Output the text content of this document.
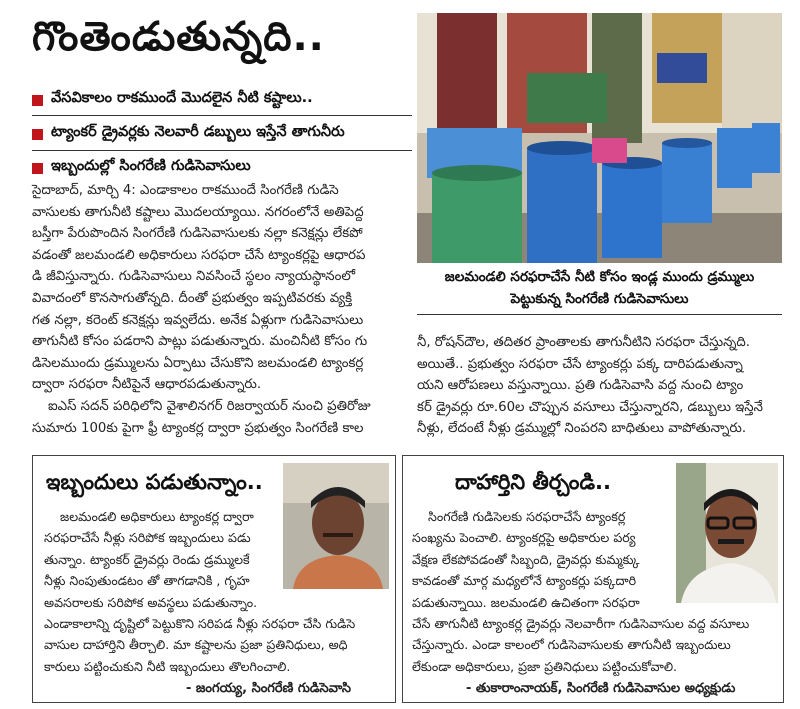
గొంతెండుతున్నది..
వేసవికాలం రాకముందే మొదలైన నీటి కష్టాలు..
ట్యాంకర్ డ్రైవర్లకు నెలవారీ డబ్బులు ఇస్తేనే తాగునీరు
ఇబ్బందుల్లో సింగరేణి గుడిసెవాసులు
జలమండలి సరఫరాచేసే నీటి కోసం ఇండ్ల ముందు డ్రమ్ములు
పెట్టుకున్న సింగరేణి గుడిసెవాసులు
సైదాబాద్, మార్చి 4: ఎండాకాలం రాకముందే సింగరేణి గుడిసె
వాసులకు తాగునీటి కష్టాలు మొదలయ్యాయి. నగరంలోనే అతిపెద్ద
బస్తీగా పేరుపొందిన సింగరేణి గుడిసెవాసులకు నల్లా కనెక్షన్లు లేకపో
వడంతో జలమండలి అధికారులు సరఫరా చేసే ట్యాంకర్లపై ఆధారప
డి జీవిస్తున్నారు. గుడిసెవాసులు నివసించే స్థలం న్యాయస్థానంలో
వివాదంలో కొనసాగుతోన్నది. దీంతో ప్రభుత్వం ఇప్పటివరకు వ్యక్తి
గత నల్లా, కరెంట్ కనెక్షన్లు ఇవ్వలేదు. అనేక ఏళ్లుగా గుడిసెవాసులు
తాగునీటి కోసం పడరాని పాట్లు పడుతున్నారు. మంచినీటి కోసం గు
డిసెలముందు డ్రమ్ములను ఏర్పాటు చేసుకొని జలమండలి ట్యాంకర్ల
ద్వారా సరఫరా నీటిపైనే ఆధారపడుతున్నారు.
ఐఎస్ సదన్ పరిధిలోని వైశాలినగర్ రిజర్వాయర్ నుంచి ప్రతిరోజు
సుమారు 100కు పైగా ఫ్రీ ట్యాంకర్ల ద్వారా ప్రభుత్వం సింగరేణి కాల
నీ, రోషన్‌దౌల, తదితర ప్రాంతాలకు తాగునీటిని సరఫరా చేస్తున్నది.
అయితే.. ప్రభుత్వం సరఫరా చేసే ట్యాంకర్లు పక్క దారిపడుతున్నా
యని ఆరోపణలు వస్తున్నాయి. ప్రతి గుడిసెవాసి వద్ద నుంచి ట్యాం
కర్ డ్రైవర్లు రూ.60ల చొప్పున వసూలు చేస్తున్నారని, డబ్బులు ఇస్తేనే
నీళ్లు, లేదంటే నీళ్లు డ్రమ్ముల్లో నింపరని బాధితులు వాపోతున్నారు.
ఇబ్బందులు పడుతున్నాం..
జలమండలి అధికారులు ట్యాంకర్ల ద్వారా
సరఫరాచేసే నీళ్లు సరిపోక ఇబ్బందులు పడు
తున్నాం. ట్యాంకర్ డ్రైవర్లు రెండు డ్రమ్ములకే
నీళ్లు నింపుతుండటం తో తాగడానికి , గృహ
అవసరాలకు సరిపోక అవస్థలు పడుతున్నాం.
ఎండాకాలాన్ని దృష్టిలో పెట్టుకొని సరిపడ నీళ్లు సరఫరా చేసి గుడిసె
వాసుల దాహార్తిని తీర్చాలి. మా కష్టాలను ప్రజా ప్రతినిధులు, అధి
కారులు పట్టించుకుని నీటి ఇబ్బందులు తొలగించాలి.
- జంగయ్య, సింగరేణి గుడిసెవాసి
దాహార్తిని తీర్చండి..
సింగరేణి గుడిసెలకు సరఫరాచేసే ట్యాంకర్ల
సంఖ్యను పెంచాలి. ట్యాంకర్లపై అధికారుల పర్య
వేక్షణ లేకపోవడంతో సిబ్బంది, డ్రైవర్లు కుమ్మక్కు
కావడంతో మార్గ మధ్యలోనే ట్యాంకర్లు పక్కదారి
పడుతున్నాయి. జలమండలి ఉచితంగా సరఫరా
చేసే తాగునీటి ట్యాంకర్ల డ్రైవర్లు నెలవారీగా గుడిసెవాసుల వద్ద వసూలు
చేస్తున్నారు. ఎండా కాలంలో గుడిసెవాసులకు తాగునీటి ఇబ్బందులు
లేకుండా అధికారులు, ప్రజా ప్రతినిధులు పట్టించుకోవాలి.
- తుకారాంనాయక్, సింగరేణి గుడిసెవాసుల అధ్యక్షుడు
